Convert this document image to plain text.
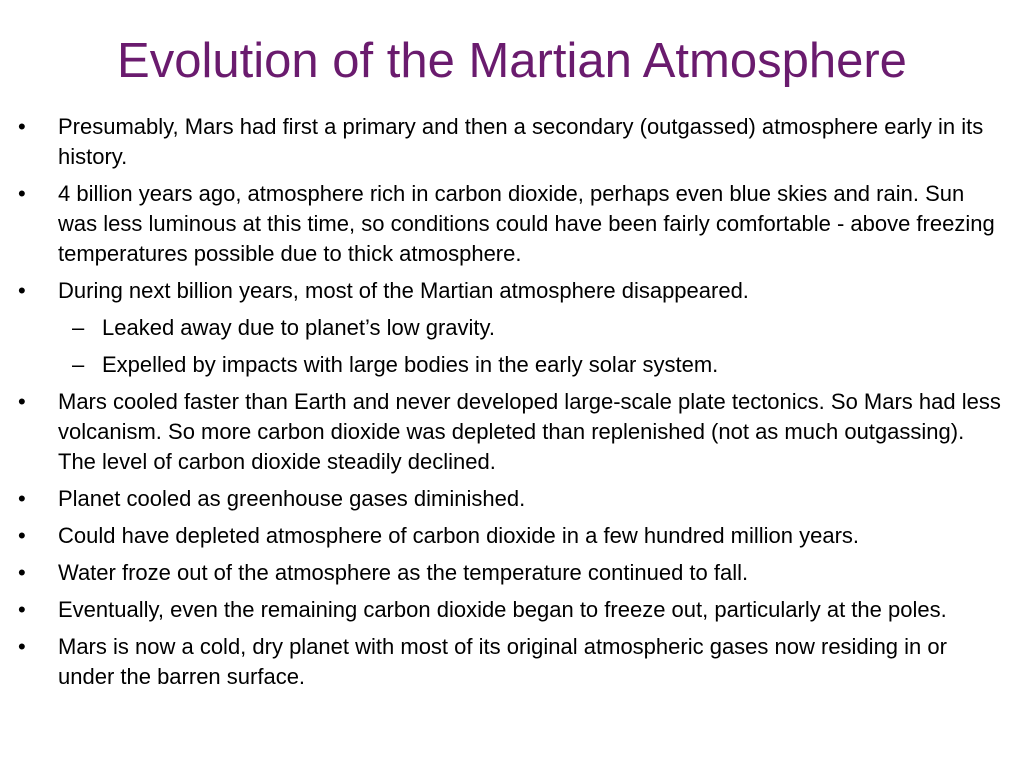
Evolution of the Martian Atmosphere
• Presumably, Mars had first a primary and then a secondary (outgassed) atmosphere early in its history.
• 4 billion years ago, atmosphere rich in carbon dioxide, perhaps even blue skies and rain. Sun was less luminous at this time, so conditions could have been fairly comfortable - above freezing temperatures possible due to thick atmosphere.
• During next billion years, most of the Martian atmosphere disappeared.
– Leaked away due to planet’s low gravity.
– Expelled by impacts with large bodies in the early solar system.
• Mars cooled faster than Earth and never developed large-scale plate tectonics. So Mars had less volcanism. So more carbon dioxide was depleted than replenished (not as much outgassing). The level of carbon dioxide steadily declined.
• Planet cooled as greenhouse gases diminished.
• Could have depleted atmosphere of carbon dioxide in a few hundred million years.
• Water froze out of the atmosphere as the temperature continued to fall.
• Eventually, even the remaining carbon dioxide began to freeze out, particularly at the poles.
• Mars is now a cold, dry planet with most of its original atmospheric gases now residing in or under the barren surface.
